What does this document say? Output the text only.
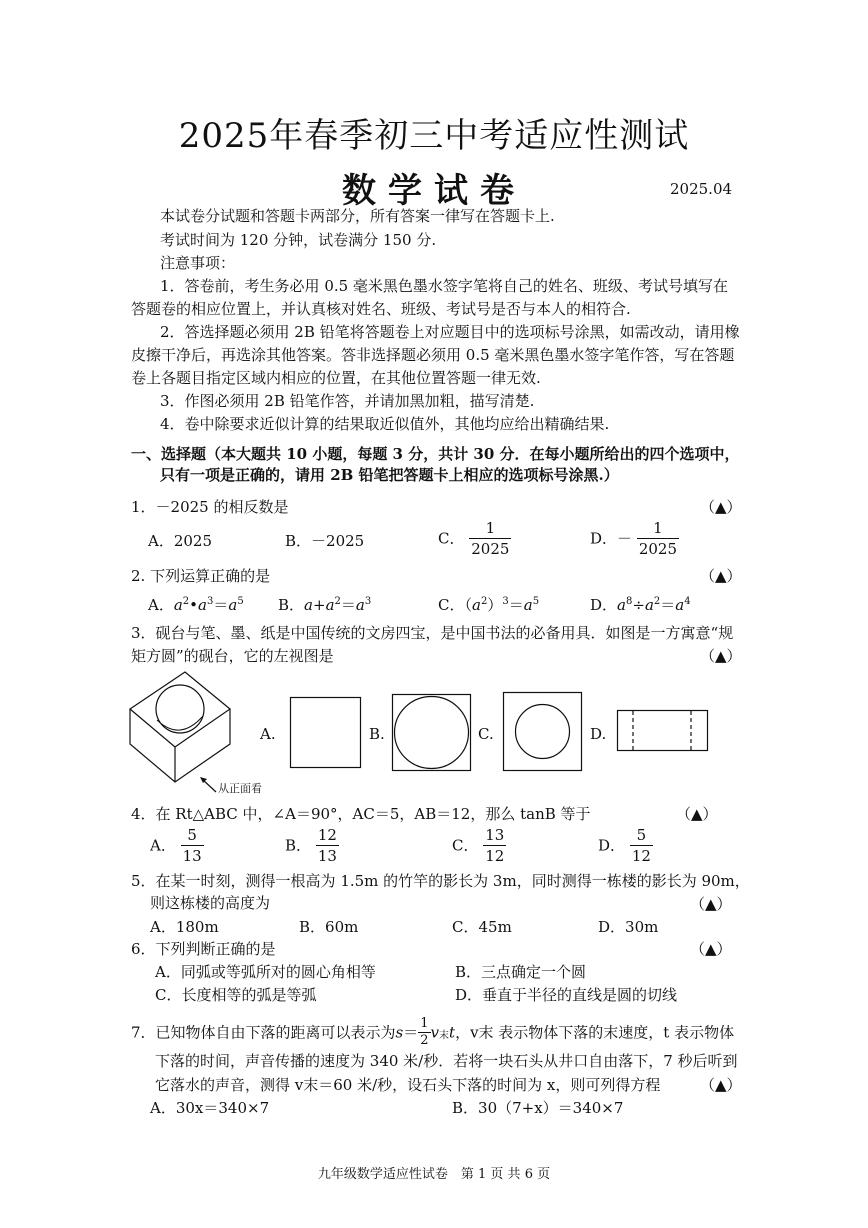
2025年春季初三中考适应性测试
数学试卷	2025.04
本试卷分试题和答题卡两部分，所有答案一律写在答题卡上.
考试时间为 120 分钟，试卷满分 150 分.
注意事项：
1．答卷前，考生务必用 0.5 毫米黑色墨水签字笔将自己的姓名、班级、考试号填写在
答题卷的相应位置上，并认真核对姓名、班级、考试号是否与本人的相符合.
2．答选择题必须用 2B 铅笔将答题卷上对应题目中的选项标号涂黑，如需改动，请用橡
皮擦干净后，再选涂其他答案。答非选择题必须用 0.5 毫米黑色墨水签字笔作答，写在答题
卷上各题目指定区域内相应的位置，在其他位置答题一律无效.
3．作图必须用 2B 铅笔作答，并请加黑加粗，描写清楚.
4．卷中除要求近似计算的结果取近似值外，其他均应给出精确结果.
一、选择题（本大题共 10 小题，每题 3 分，共计 30 分．在每小题所给出的四个选项中，
只有一项是正确的，请用 2B 铅笔把答题卡上相应的选项标号涂黑.）
1．－2025 的相反数是	（▲）
A．2025	B．－2025	C． $\frac{1}{2025}$	D．－ $\frac{1}{2025}$
2. 下列运算正确的是	（▲）
A．$a^2•a^3=a^5$ B．$a+a^2=a^3$	C．$(a^2)^3=a^5$	D．$a^8\div a^2=a^4$
3．砚台与笔、墨、纸是中国传统的文房四宝，是中国书法的必备用具．如图是一方寓意“规
矩方圆”的砚台，它的左视图是	（▲）
从正面看
A.	B.	C.	D.
4．在 Rt△ABC 中，∠A＝90°，AC＝5，AB＝12，那么 tanB 等于	（▲）
A． $\frac{5}{13}$	B． $\frac{12}{13}$	C． $\frac{13}{12}$	D． $\frac{5}{12}$
5．在某一时刻，测得一根高为 1.5m 的竹竿的影长为 3m，同时测得一栋楼的影长为 90m，
则这栋楼的高度为	（▲）
A．180m	B．60m	C．45m	D．30m
6．下列判断正确的是	（▲）
A．同弧或等弧所对的圆心角相等	B．三点确定一个圆
C．长度相等的弧是等弧	D．垂直于半径的直线是圆的切线
7．已知物体自由下落的距离可以表示为$s= \frac{1}{2} v_末t$，v末 表示物体下落的末速度，t 表示物体
下落的时间，声音传播的速度为 340 米/秒．若将一块石头从井口自由落下，7 秒后听到
它落水的声音，测得 v末＝60 米/秒，设石头下落的时间为 x，则可列得方程	（▲）
A．30x＝340×7	B．30（7+x）＝340×7
九年级数学适应性试卷　第 1 页 共 6 页
